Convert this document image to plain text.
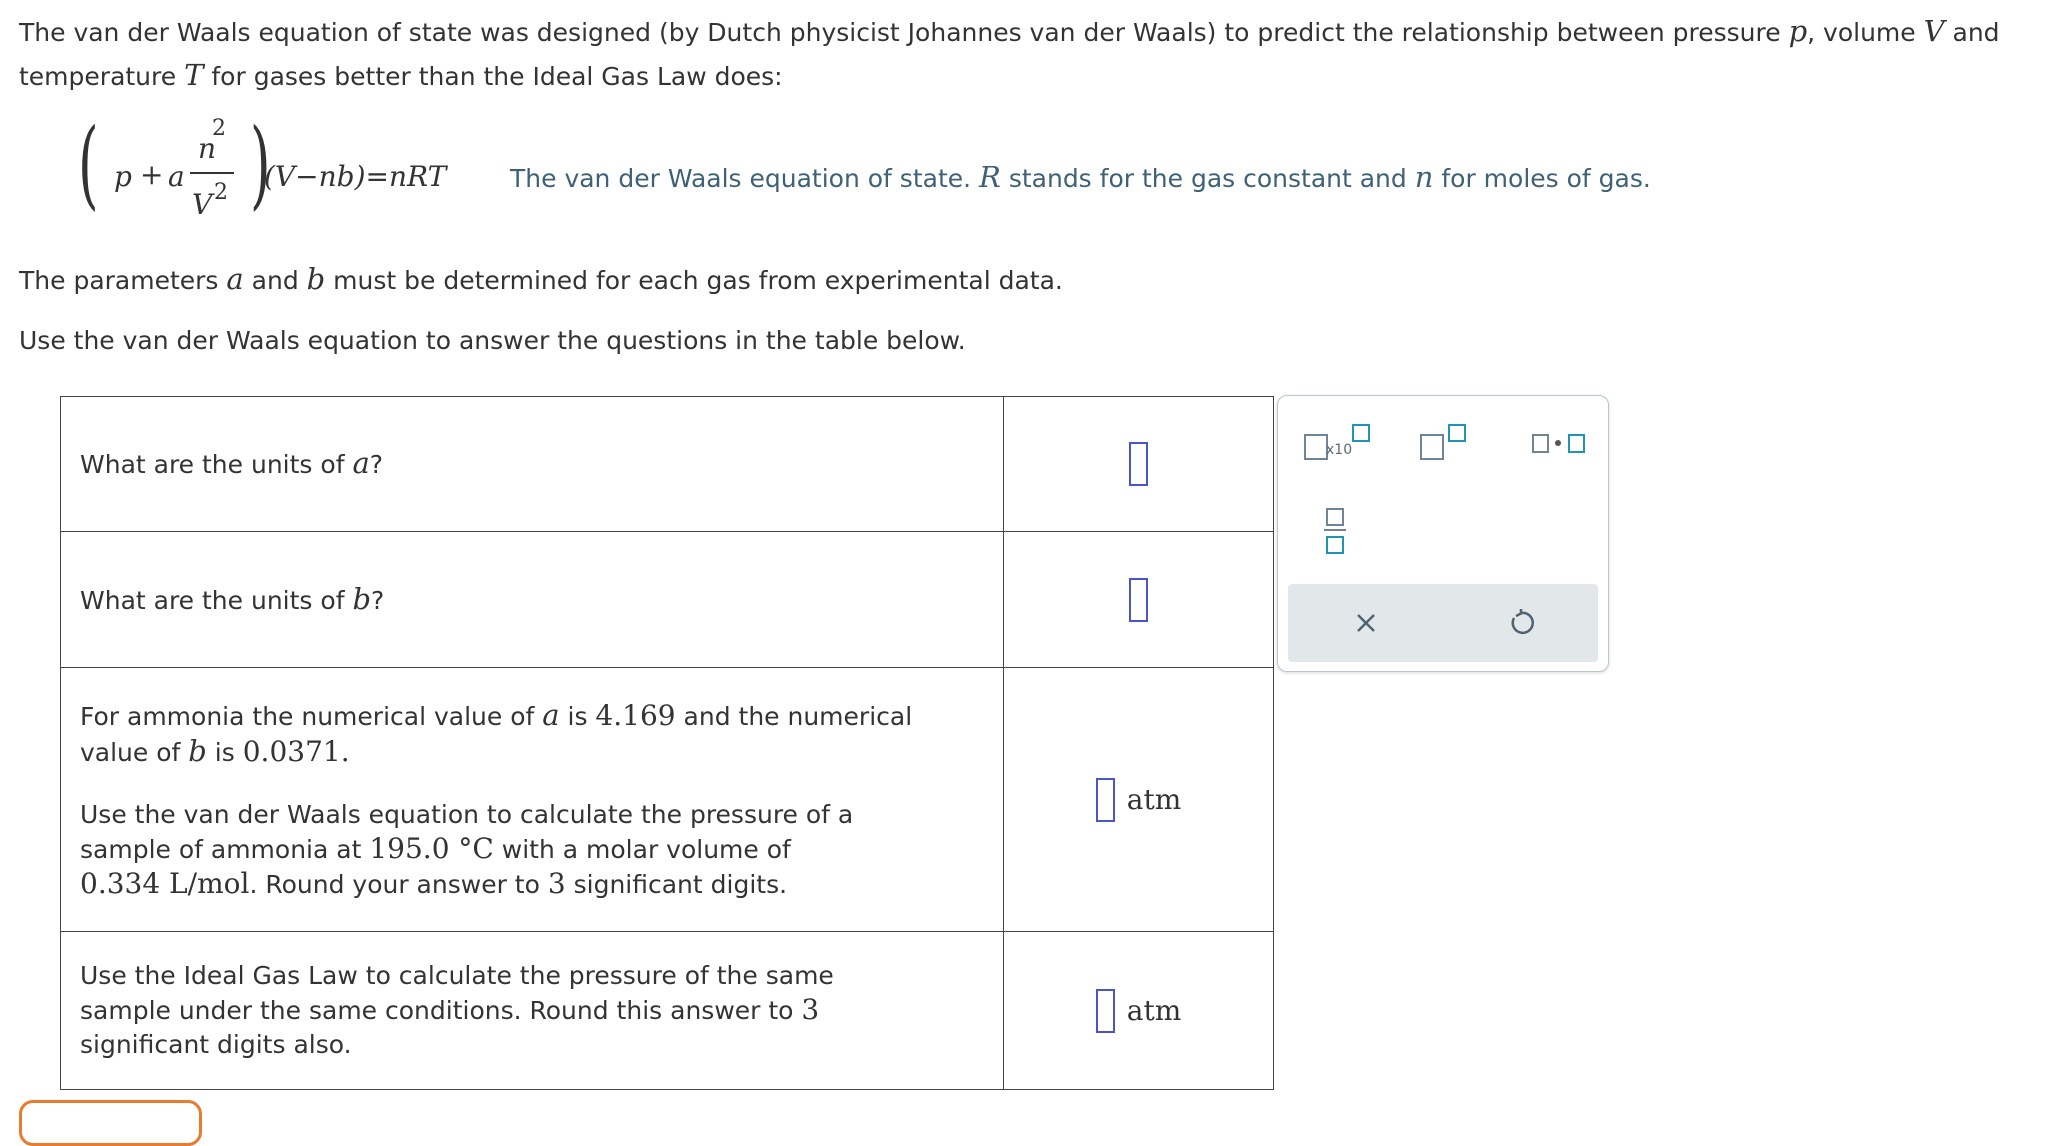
The van der Waals equation of state was designed (by Dutch physicist Johannes van der Waals) to predict the relationship between pressure p, volume V and
temperature T for gases better than the Ideal Gas Law does:
( p + a
n
2
V 2 )
(V−nb)=nRT	The van der Waals equation of state. R stands for the gas constant and n for moles of gas.
The parameters a and b must be determined for each gas from experimental data.
Use the van der Waals equation to answer the questions in the table below.
What are the units of a?	
What are the units of b?	

For ammonia the numerical value of a is 4.169 and the numerical
value of b is 0.0371.
Use the van der Waals equation to calculate the pressure of a
sample of ammonia at 195.0 °C with a molar volume of
0.334 L/mol. Round your answer to 3 significant digits.	atm
Use the Ideal Gas Law to calculate the pressure of the same
sample under the same conditions. Round this answer to 3
significant digits also.	atm
x10
